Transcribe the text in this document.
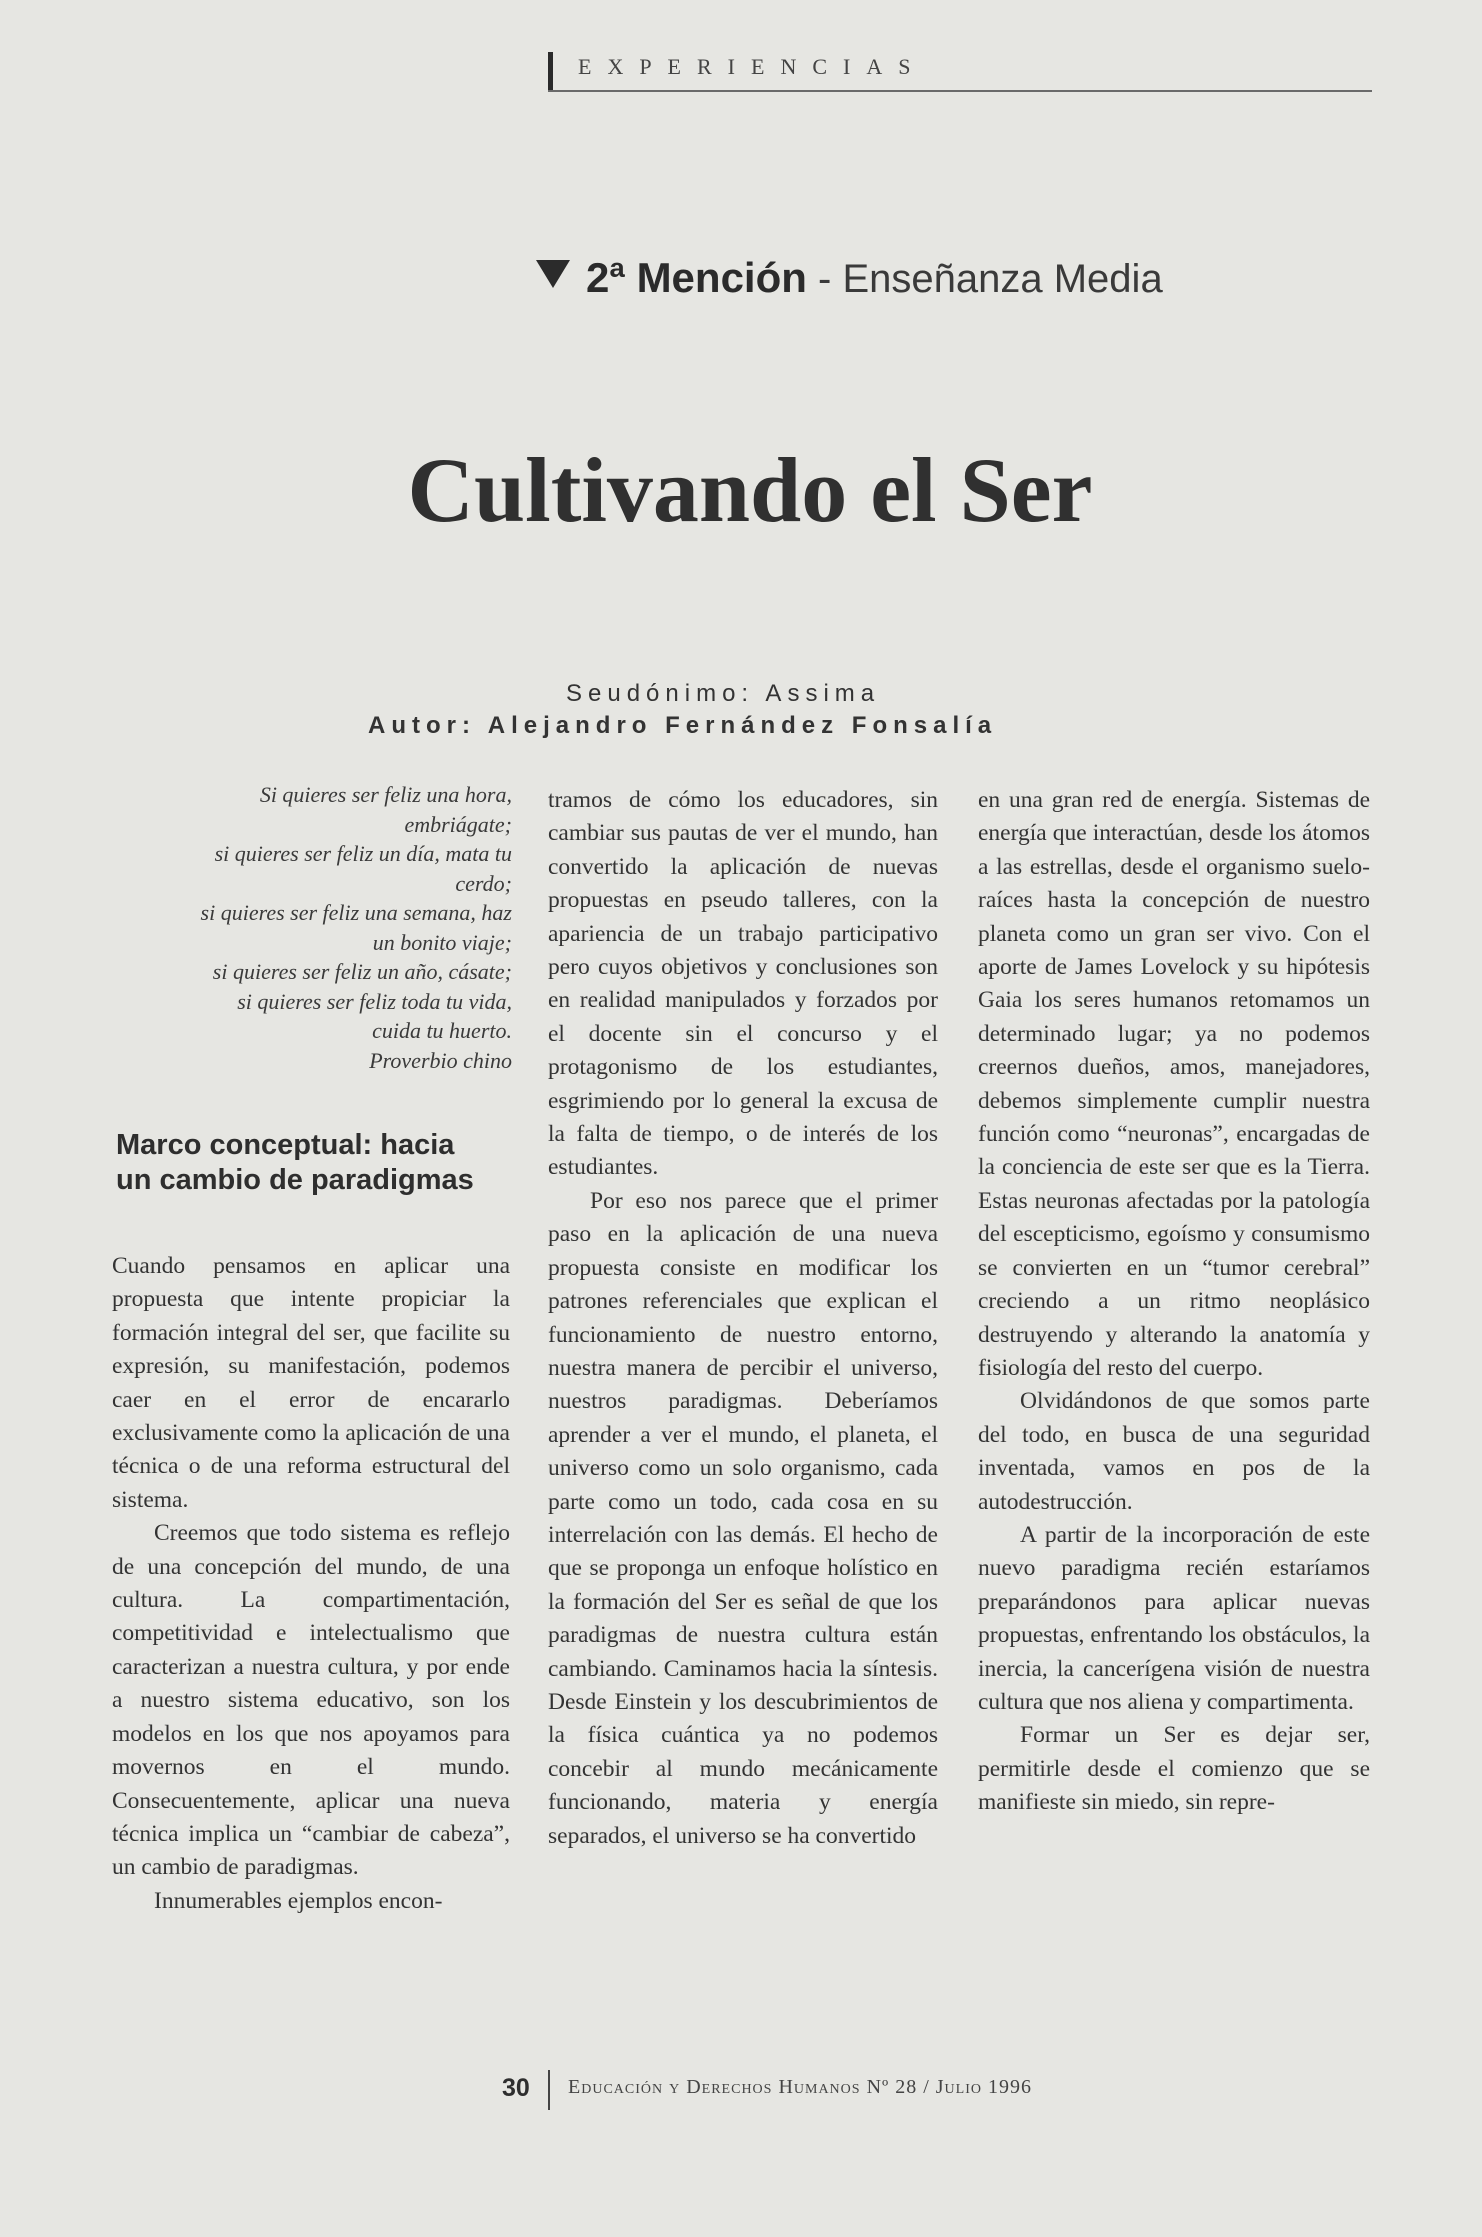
EXPERIENCIAS
2ª Mención - Enseñanza Media
Cultivando el Ser
Seudónimo: Assima
Autor: Alejandro Fernández Fonsalía
Si quieres ser feliz una hora,
embriágate;
si quieres ser feliz un día, mata tu
cerdo;
si quieres ser feliz una semana, haz
un bonito viaje;
si quieres ser feliz un año, cásate;
si quieres ser feliz toda tu vida,
cuida tu huerto.
Proverbio chino
Marco conceptual: hacia un cambio de paradigmas

Cuando pensamos en aplicar una propuesta que intente propiciar la formación integral del ser, que facilite su expresión, su manifestación, podemos caer en el error de encararlo exclusivamente como la aplicación de una técnica o de una reforma estructural del sistema.

Creemos que todo sistema es reflejo de una concepción del mundo, de una cultura. La compartimentación, competitividad e intelectualismo que caracterizan a nuestra cultura, y por ende a nuestro sistema educativo, son los modelos en los que nos apoyamos para movernos en el mundo. Consecuentemente, aplicar una nueva técnica implica un “cambiar de cabeza”, un cambio de paradigmas.

Innumerables ejemplos encon-

tramos de cómo los educadores, sin cambiar sus pautas de ver el mundo, han convertido la aplicación de nuevas propuestas en pseudo talleres, con la apariencia de un trabajo participativo pero cuyos objetivos y conclusiones son en realidad manipulados y forzados por el docente sin el concurso y el protagonismo de los estudiantes, esgrimiendo por lo general la excusa de la falta de tiempo, o de interés de los estudiantes.

Por eso nos parece que el primer paso en la aplicación de una nueva propuesta consiste en modificar los patrones referenciales que explican el funcionamiento de nuestro entorno, nuestra manera de percibir el universo, nuestros paradigmas. Deberíamos aprender a ver el mundo, el planeta, el universo como un solo organismo, cada parte como un todo, cada cosa en su interrelación con las demás. El hecho de que se proponga un enfoque holístico en la formación del Ser es señal de que los paradigmas de nuestra cultura están cambiando. Caminamos hacia la síntesis. Desde Einstein y los descubrimientos de la física cuántica ya no podemos concebir al mundo mecánicamente funcionando, materia y energía separados, el universo se ha convertido

en una gran red de energía. Sistemas de energía que interactúan, desde los átomos a las estrellas, desde el organismo suelo-raíces hasta la concepción de nuestro planeta como un gran ser vivo. Con el aporte de James Lovelock y su hipótesis Gaia los seres humanos retomamos un determinado lugar; ya no podemos creernos dueños, amos, manejadores, debemos simplemente cumplir nuestra función como “neuronas”, encargadas de la conciencia de este ser que es la Tierra. Estas neuronas afectadas por la patología del escepticismo, egoísmo y consumismo se convierten en un “tumor cerebral” creciendo a un ritmo neoplásico destruyendo y alterando la anatomía y fisiología del resto del cuerpo.

Olvidándonos de que somos parte del todo, en busca de una seguridad inventada, vamos en pos de la autodestrucción.

A partir de la incorporación de este nuevo paradigma recién estaríamos preparándonos para aplicar nuevas propuestas, enfrentando los obstáculos, la inercia, la cancerígena visión de nuestra cultura que nos aliena y compartimenta.

Formar un Ser es dejar ser, permitirle desde el comienzo que se manifieste sin miedo, sin repre-

30 Educación y Derechos Humanos Nº 28 / Julio 1996
